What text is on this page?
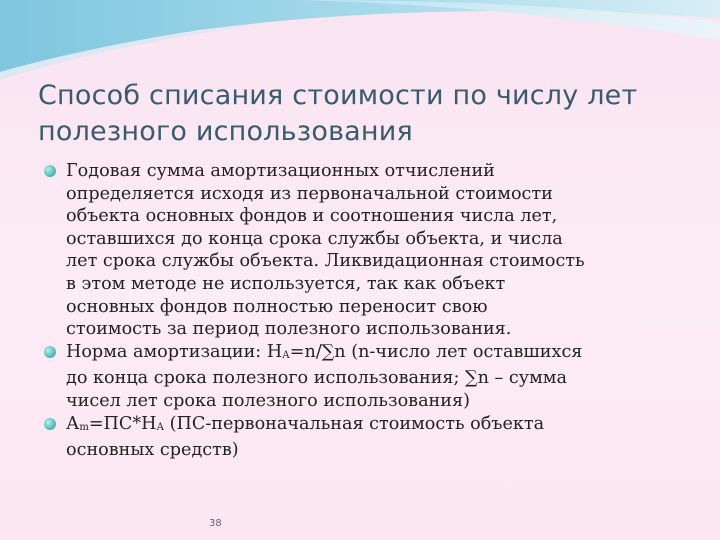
Способ списания стоимости по числу лет
полезного использования
Годовая сумма амортизационных отчислений
определяется исходя из первоначальной стоимости
объекта основных фондов и соотношения числа лет,
оставшихся до конца срока службы объекта, и числа
лет срока службы объекта. Ликвидационная стоимость
в этом методе не используется, так как объект
основных фондов полностью переносит свою
стоимость за период полезного использования.
Норма амортизации: $Н_А=n/\sum n$ (n-число лет оставшихся
до конца срока полезного использования; ∑n – сумма
чисел лет срока полезного использования)
$А_m=ПС*Н_А$ (ПС-первоначальная стоимость объекта
основных средств)
38
